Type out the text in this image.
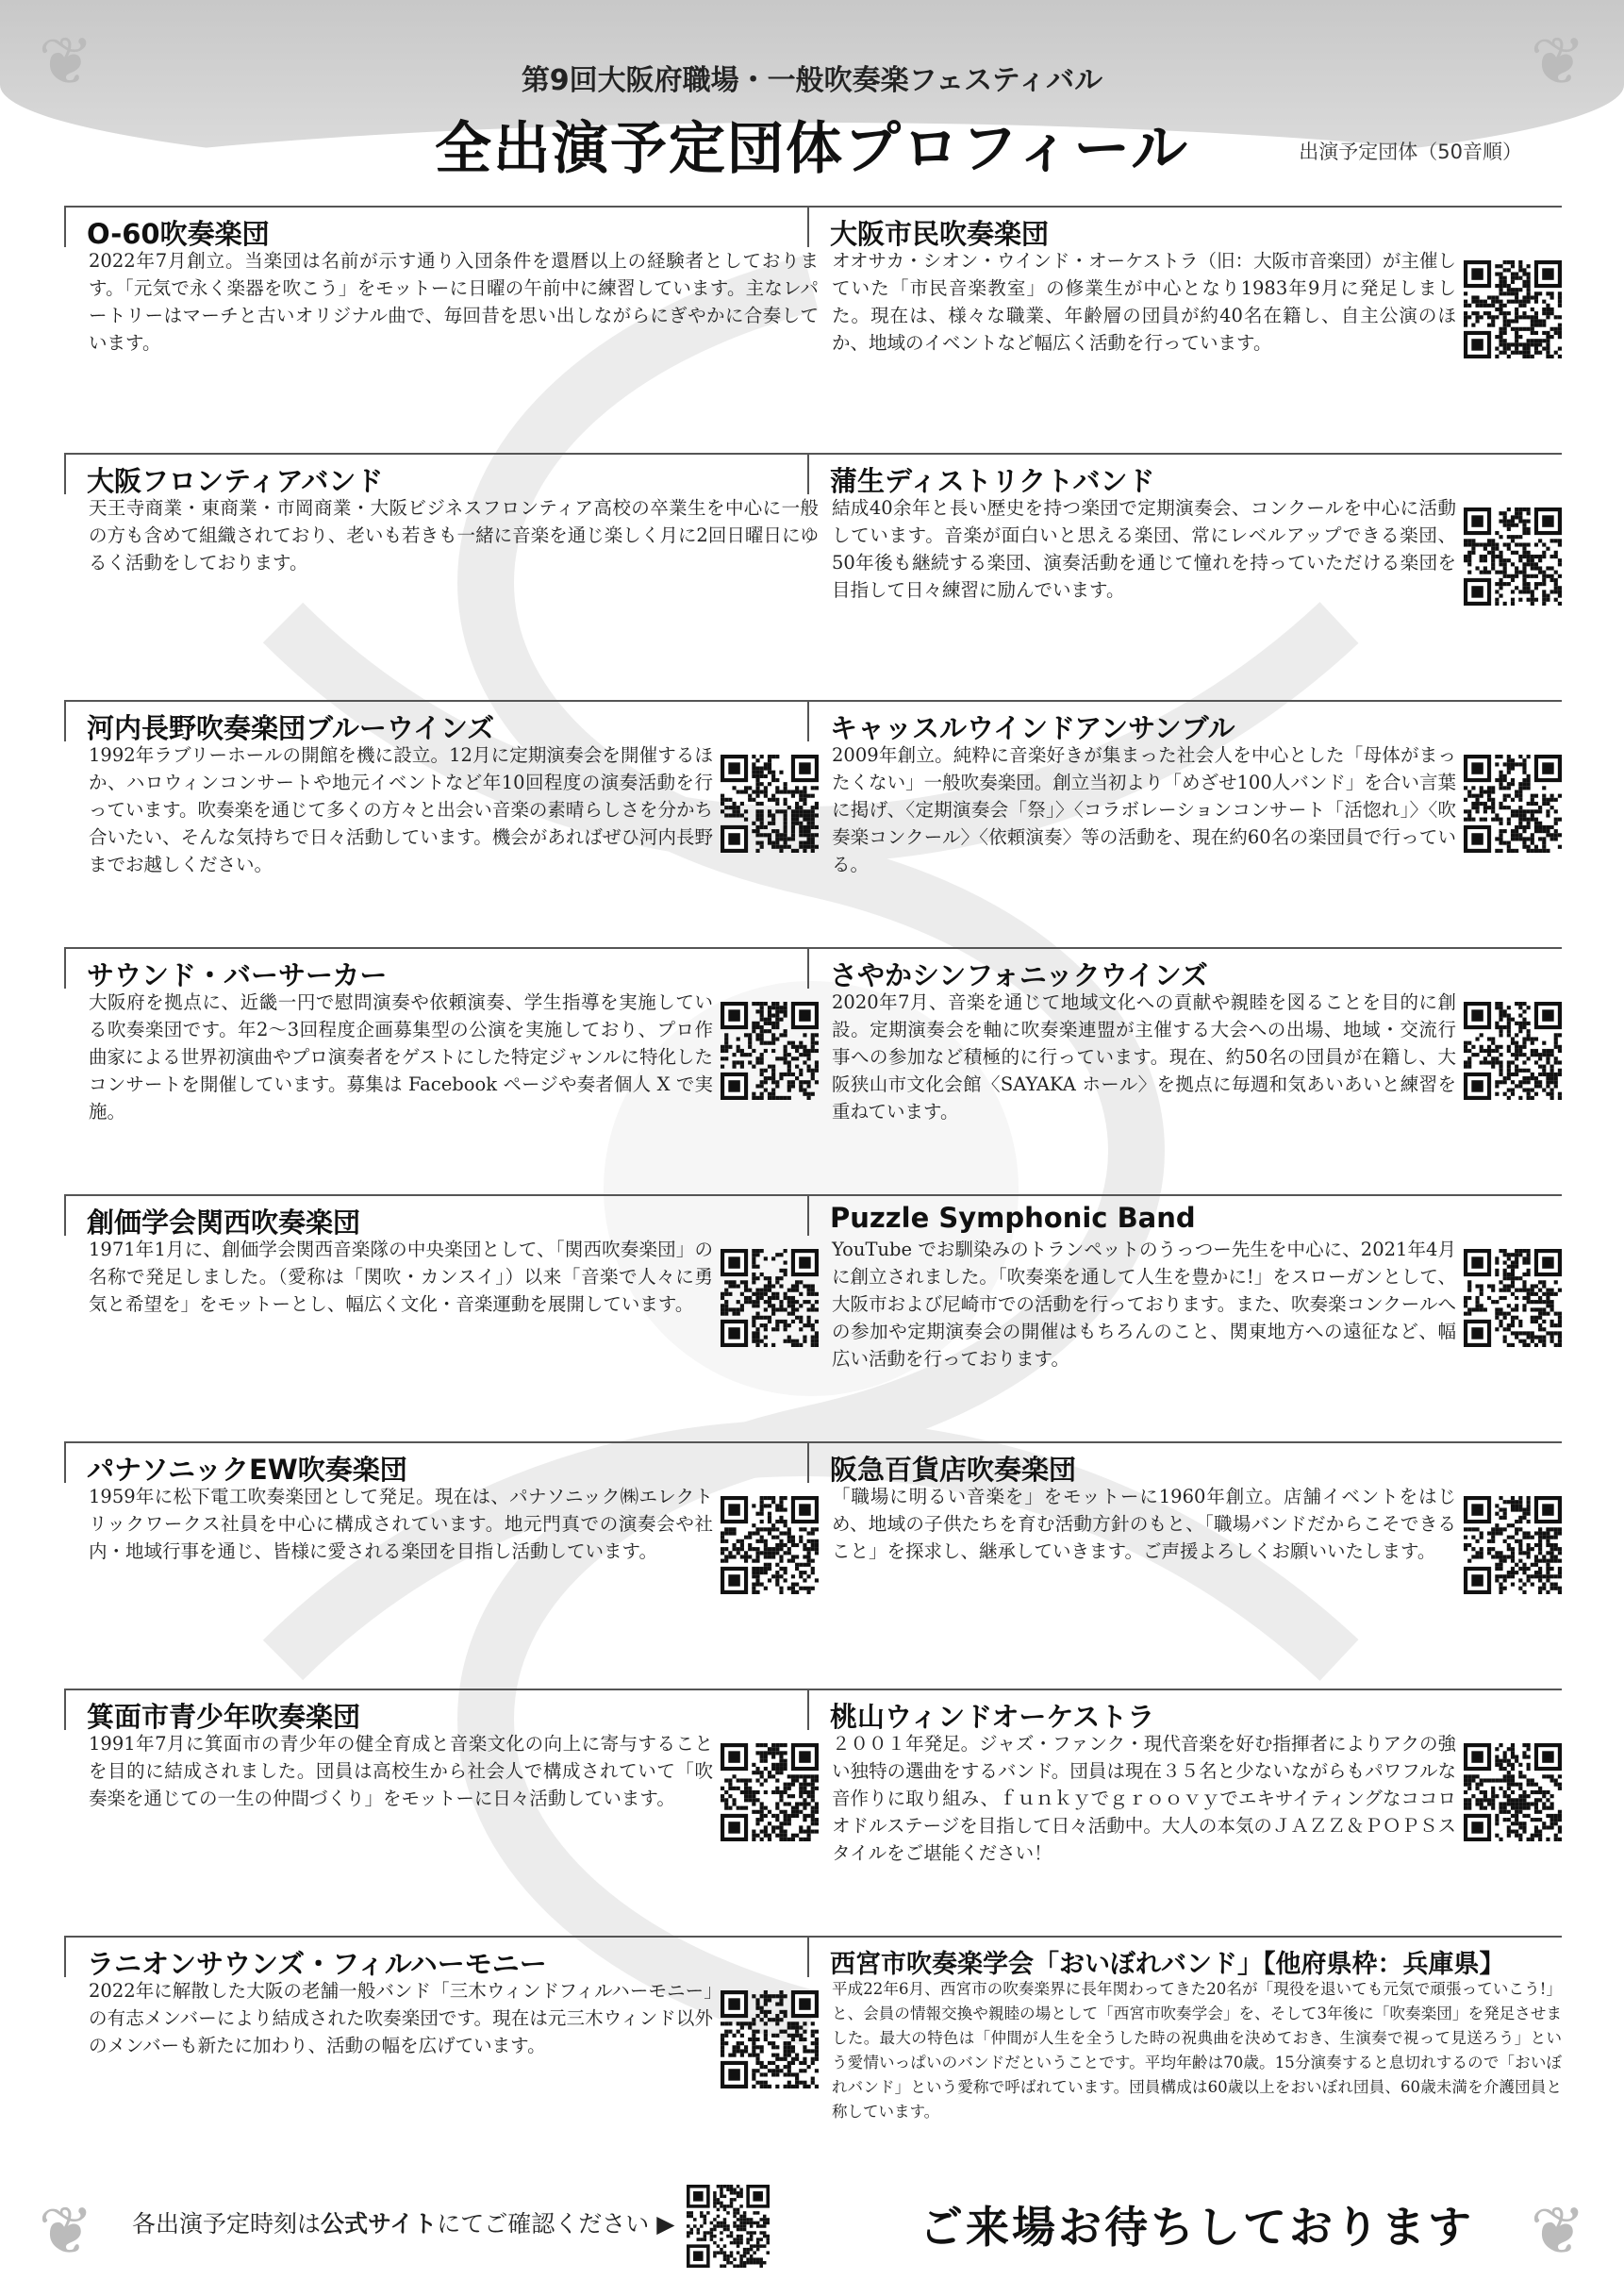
❦	❦
❦	❦
第9回大阪府職場・一般吹奏楽フェスティバル
全出演予定団体プロフィール	出演予定団体（50音順）
O-60吹奏楽団

2022年7月創立。当楽団は名前が示す通り入団条件を還暦以上の経験者としております。「元気で永く楽器を吹こう」をモットーに日曜の午前中に練習しています。主なレパートリーはマーチと古いオリジナル曲で、毎回昔を思い出しながらにぎやかに合奏しています。

大阪市民吹奏楽団

オオサカ・シオン・ウインド・オーケストラ（旧：大阪市音楽団）が主催していた「市民音楽教室」の修業生が中心となり1983年9月に発足しました。現在は、様々な職業、年齢層の団員が約40名在籍し、自主公演のほか、地域のイベントなど幅広く活動を行っています。

大阪フロンティアバンド

天王寺商業・東商業・市岡商業・大阪ビジネスフロンティア高校の卒業生を中心に一般の方も含めて組織されており、老いも若きも一緒に音楽を通じ楽しく月に2回日曜日にゆるく活動をしております。

蒲生ディストリクトバンド

結成40余年と長い歴史を持つ楽団で定期演奏会、コンクールを中心に活動しています。音楽が面白いと思える楽団、常にレベルアップできる楽団、50年後も継続する楽団、演奏活動を通じて憧れを持っていただける楽団を目指して日々練習に励んでいます。

河内長野吹奏楽団ブルーウインズ

1992年ラブリーホールの開館を機に設立。12月に定期演奏会を開催するほか、ハロウィンコンサートや地元イベントなど年10回程度の演奏活動を行っています。吹奏楽を通じて多くの方々と出会い音楽の素晴らしさを分かち合いたい、そんな気持ちで日々活動しています。機会があればぜひ河内長野までお越しください。

キャッスルウインドアンサンブル

2009年創立。純粋に音楽好きが集まった社会人を中心とした「母体がまったくない」一般吹奏楽団。創立当初より「めざせ100人バンド」を合い言葉に掲げ、〈定期演奏会「祭」〉〈コラボレーションコンサート「活惚れ」〉〈吹奏楽コンクール〉〈依頼演奏〉等の活動を、現在約60名の楽団員で行っている。

サウンド・バーサーカー

大阪府を拠点に、近畿一円で慰問演奏や依頼演奏、学生指導を実施している吹奏楽団です。年2～3回程度企画募集型の公演を実施しており、プロ作曲家による世界初演曲やプロ演奏者をゲストにした特定ジャンルに特化したコンサートを開催しています。募集は Facebook ページや奏者個人 X で実施。

さやかシンフォニックウインズ

2020年7月、音楽を通じて地域文化への貢献や親睦を図ることを目的に創設。定期演奏会を軸に吹奏楽連盟が主催する大会への出場、地域・交流行事への参加など積極的に行っています。現在、約50名の団員が在籍し、大阪狭山市文化会館〈SAYAKA ホール〉を拠点に毎週和気あいあいと練習を重ねています。

創価学会関西吹奏楽団

1971年1月に、創価学会関西音楽隊の中央楽団として、「関西吹奏楽団」の名称で発足しました。（愛称は「関吹・カンスイ」）以来「音楽で人々に勇気と希望を」をモットーとし、幅広く文化・音楽運動を展開しています。

Puzzle Symphonic Band

YouTube でお馴染みのトランペットのうっつー先生を中心に、2021年4月に創立されました。「吹奏楽を通して人生を豊かに!」をスローガンとして、大阪市および尼崎市での活動を行っております。また、吹奏楽コンクールへの参加や定期演奏会の開催はもちろんのこと、関東地方への遠征など、幅広い活動を行っております。

パナソニックEW吹奏楽団

1959年に松下電工吹奏楽団として発足。現在は、パナソニック㈱エレクトリックワークス社員を中心に構成されています。地元門真での演奏会や社内・地域行事を通じ、皆様に愛される楽団を目指し活動しています。

阪急百貨店吹奏楽団

「職場に明るい音楽を」をモットーに1960年創立。店舗イベントをはじめ、地域の子供たちを育む活動方針のもと、「職場バンドだからこそできること」を探求し、継承していきます。ご声援よろしくお願いいたします。

箕面市青少年吹奏楽団

1991年7月に箕面市の青少年の健全育成と音楽文化の向上に寄与することを目的に結成されました。団員は高校生から社会人で構成されていて「吹奏楽を通じての一生の仲間づくり」をモットーに日々活動しています。

桃山ウィンドオーケストラ

２００１年発足。ジャズ・ファンク・現代音楽を好む指揮者によりアクの強い独特の選曲をするバンド。団員は現在３５名と少ないながらもパワフルな音作りに取り組み、ｆｕｎｋｙでｇｒｏｏｖｙでエキサイティングなココロオドルステージを目指して日々活動中。大人の本気のＪＡＺＺ＆ＰＯＰＳスタイルをご堪能ください！

ラニオンサウンズ・フィルハーモニー

2022年に解散した大阪の老舗一般バンド「三木ウィンドフィルハーモニー」の有志メンバーにより結成された吹奏楽団です。現在は元三木ウィンド以外のメンバーも新たに加わり、活動の幅を広げています。

西宮市吹奏楽学会「おいぼれバンド」【他府県枠：兵庫県】

平成22年6月、西宮市の吹奏楽界に長年関わってきた20名が「現役を退いても元気で頑張っていこう!」と、会員の情報交換や親睦の場として「西宮市吹奏学会」を、そして3年後に「吹奏楽団」を発足させました。最大の特色は「仲間が人生を全うした時の祝典曲を決めておき、生演奏で視って見送ろう」という愛情いっぱいのバンドだということです。平均年齢は70歳。15分演奏すると息切れするので「おいぼれバンド」という愛称で呼ばれています。団員構成は60歳以上をおいぼれ団員、60歳未満を介護団員と称しています。

各出演予定時刻は公式サイトにてご確認ください ▶	ご来場お待ちしております
